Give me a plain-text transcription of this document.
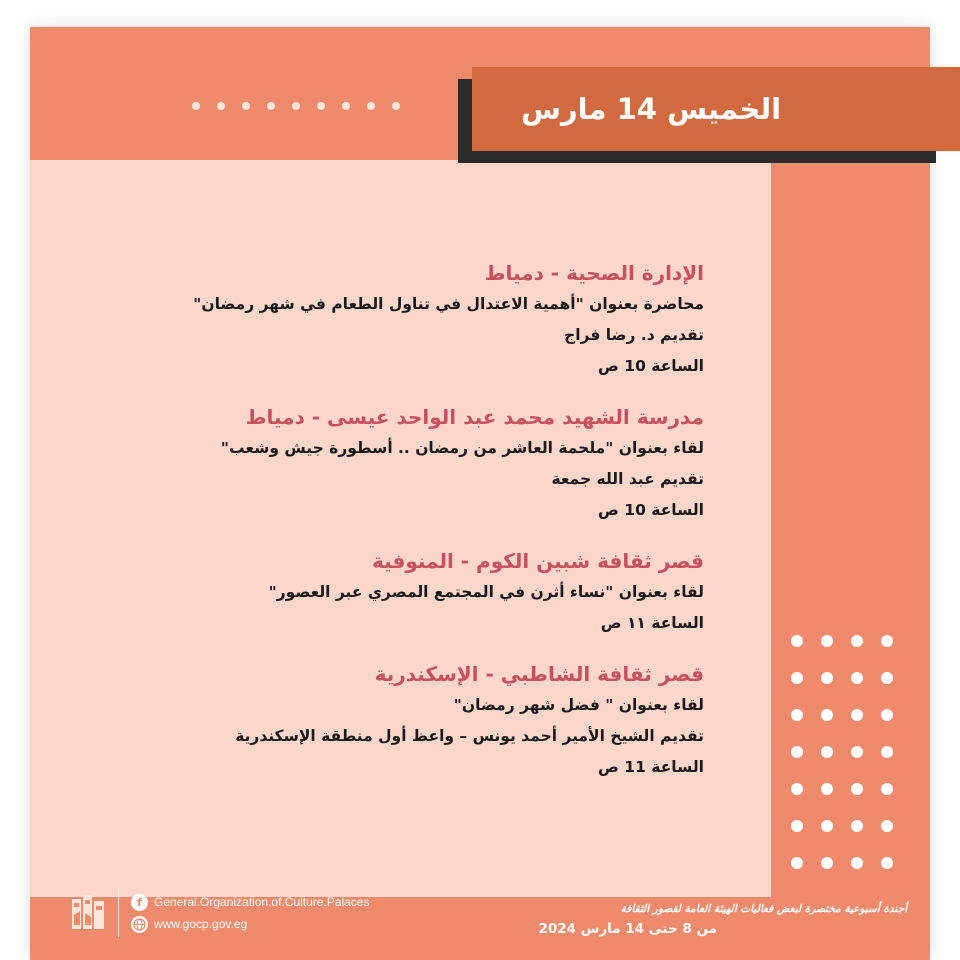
الخميس 14 مارس
الإدارة الصحية - دمياط
محاضرة بعنوان "أهمية الاعتدال في تناول الطعام في شهر رمضان"
تقديم د. رضا فراج
الساعة 10 ص
مدرسة الشهيد محمد عبد الواحد عيسى - دمياط
لقاء بعنوان "ملحمة العاشر من رمضان .. أسطورة جيش وشعب"
تقديم عبد الله جمعة
الساعة 10 ص
قصر ثقافة شبين الكوم - المنوفية
لقاء بعنوان "نساء أثرن في المجتمع المصري عبر العصور"
الساعة ١١ ص
قصر ثقافة الشاطبي - الإسكندرية
لقاء بعنوان " فضل شهر رمضان"
تقديم الشيخ الأمير أحمد يونس – واعظ أول منطقة الإسكندرية
الساعة 11 ص
f	General.Organization.of.Culture.Palaces
www.gocp.gov.eg
أجندة أسبوعية مختصرة لبعض فعاليات الهيئة العامة لقصور الثقافة
من 8 حتى 14 مارس 2024
